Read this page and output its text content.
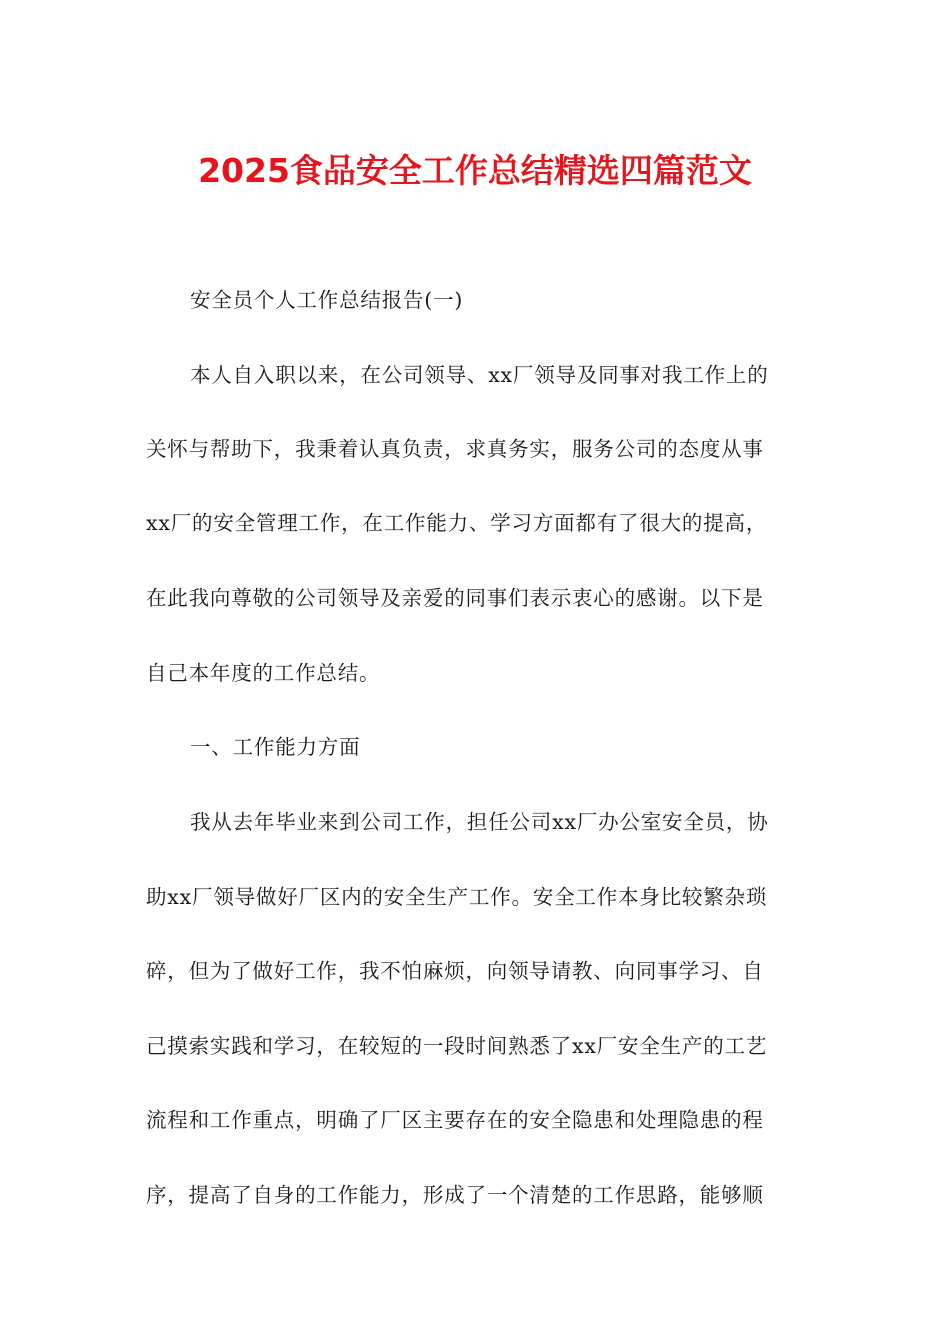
2025食品安全工作总结精选四篇范文

安全员个人工作总结报告(一)

本人自入职以来，在公司领导、xx厂领导及同事对我工作上的

关怀与帮助下，我秉着认真负责，求真务实，服务公司的态度从事

xx厂的安全管理工作，在工作能力、学习方面都有了很大的提高，

在此我向尊敬的公司领导及亲爱的同事们表示衷心的感谢。以下是

自己本年度的工作总结。

一、工作能力方面

我从去年毕业来到公司工作，担任公司xx厂办公室安全员，协

助xx厂领导做好厂区内的安全生产工作。安全工作本身比较繁杂琐

碎，但为了做好工作，我不怕麻烦，向领导请教、向同事学习、自

己摸索实践和学习，在较短的一段时间熟悉了xx厂安全生产的工艺

流程和工作重点，明确了厂区主要存在的安全隐患和处理隐患的程

序，提高了自身的工作能力，形成了一个清楚的工作思路，能够顺
